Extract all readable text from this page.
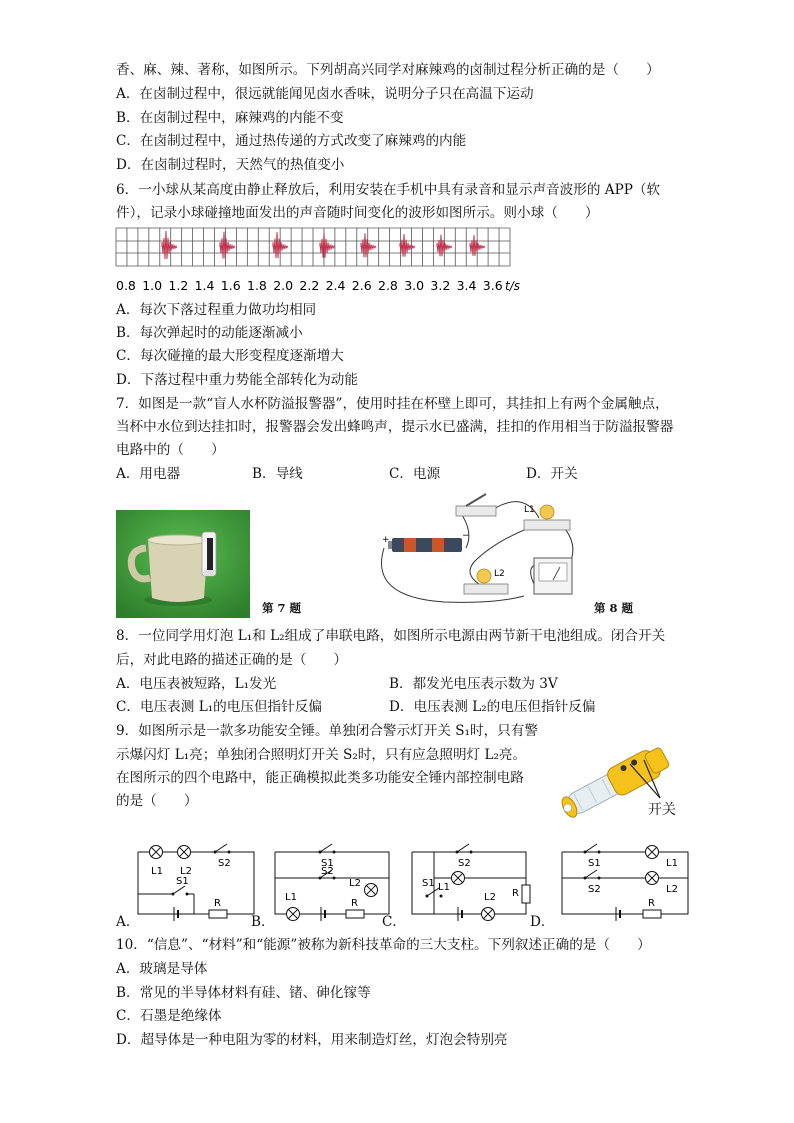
香、麻、辣、著称，如图所示。下列胡高兴同学对麻辣鸡的卤制过程分析正确的是（　　）
A．在卤制过程中，很远就能闻见卤水香味，说明分子只在高温下运动
B．在卤制过程中，麻辣鸡的内能不变
C．在卤制过程中，通过热传递的方式改变了麻辣鸡的内能
D．在卤制过程时，天然气的热值变小
6．一小球从某高度由静止释放后，利用安装在手机中具有录音和显示声音波形的 APP（软
件），记录小球碰撞地面发出的声音随时间变化的波形如图所示。则小球（　　）
0.8 1.0 1.2 1.4 1.6 1.8 2.0 2.2 2.4 2.6 2.8 3.0 3.2 3.4 3.6 t/s
A．每次下落过程重力做功均相同
B．每次弹起时的动能逐渐减小
C．每次碰撞的最大形变程度逐渐增大
D．下落过程中重力势能全部转化为动能
7．如图是一款“盲人水杯防溢报警器”，使用时挂在杯壁上即可，其挂扣上有两个金属触点，
当杯中水位到达挂扣时，报警器会发出蜂鸣声，提示水已盛满，挂扣的作用相当于防溢报警器
电路中的（　　）
A．用电器	B．导线	C．电源	D．开关
第 7 题
+	−
L1
L2
第 8 题
8．一位同学用灯泡 L₁和 L₂组成了串联电路，如图所示电源由两节新干电池组成。闭合开关
后，对此电路的描述正确的是（　　）
A．电压表被短路，L₁发光	B．都发光电压表示数为 3V
C．电压表测 L₁的电压但指针反偏	D．电压表测 L₂的电压但指针反偏
9．如图所示是一款多功能安全锤。单独闭合警示灯开关 S₁时，只有警
示爆闪灯 L₁亮；单独闭合照明灯开关 S₂时，只有应急照明灯 L₂亮。
在图所示的四个电路中，能正确模拟此类多功能安全锤内部控制电路
的是（　　）
开关
L1 L2
S2
S1
R
A．
S1
S2
L2
L1
R
B．
S2
L1
S1
L2 R
C．
S1	L1
S2	L2
R
D．
10．“信息”、“材料”和“能源”被称为新科技革命的三大支柱。下列叙述正确的是（　　）
A．玻璃是导体
B．常见的半导体材料有硅、锗、砷化镓等
C．石墨是绝缘体
D．超导体是一种电阻为零的材料，用来制造灯丝，灯泡会特别亮
